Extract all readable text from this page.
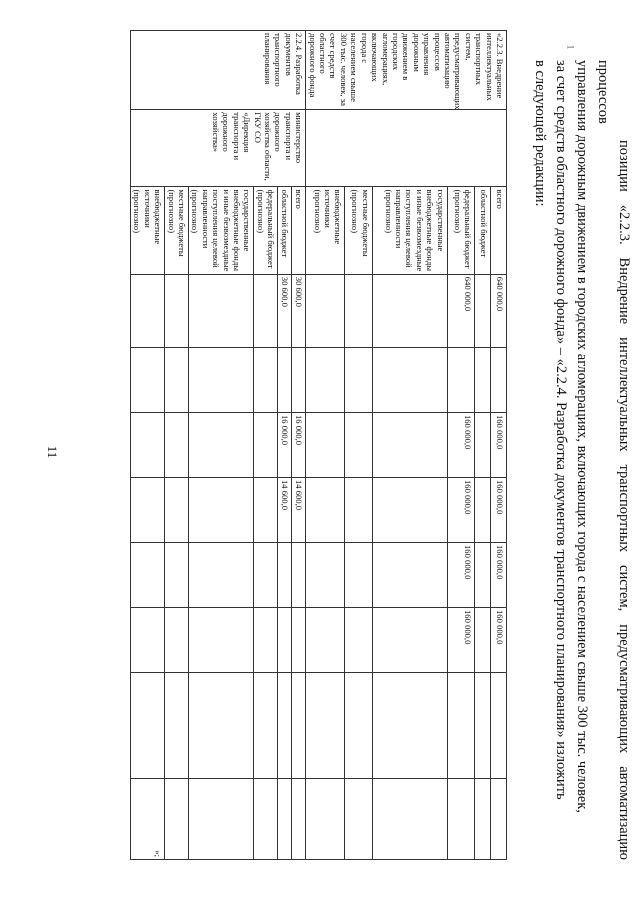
11
1

позиции «2.2.3. Внедрение интеллектуальных транспортных систем, предусматривающих автоматизацию процессов

управления дорожным движением в городских агломерациях, включающих города с населением свыше 300 тыс. человек,

за счет средств областного дорожного фонда» – «2.2.4. Разработка документов транспортного планирования» изложить

в следующей редакции:

«2.2.3. Внедрение интеллектуальных транспортных систем, предусматривающих автоматизацию процессов управления дорожным движением в городских агломерациях, включающих города с населением свыше 300 тыс. человек, за счет средств областного дорожного фонда		всего	640 000,0		160 000,0	160 000,0	160 000,0	160 000,0		
		областной бюджет								
		федеральный бюджет (прогнозно)	640 000,0		160 000,0	160 000,0	160 000,0	160 000,0		
		государственные внебюджетные фонды и иные безвозмездные поступления целевой направленности (прогнозно)								
		местные бюджеты (прогнозно)								
		внебюджетные источники (прогнозно)								
2.2.4. Разработка документов транспортного планирования	министерство транспорта и дорожного хозяйства области, ГКУ СО «Дирекция транспорта и дорожного хозяйства»	всего	30 600,0		16 000,0	14 600,0				
		областной бюджет	30 600,0		16 000,0	14 600,0				
		федеральный бюджет (прогнозно)								
		государственные внебюджетные фонды и иные безвозмездные поступления целевой направленности (прогнозно)								
		местные бюджеты (прогнозно)								
		внебюджетные источники (прогнозно)								»;
